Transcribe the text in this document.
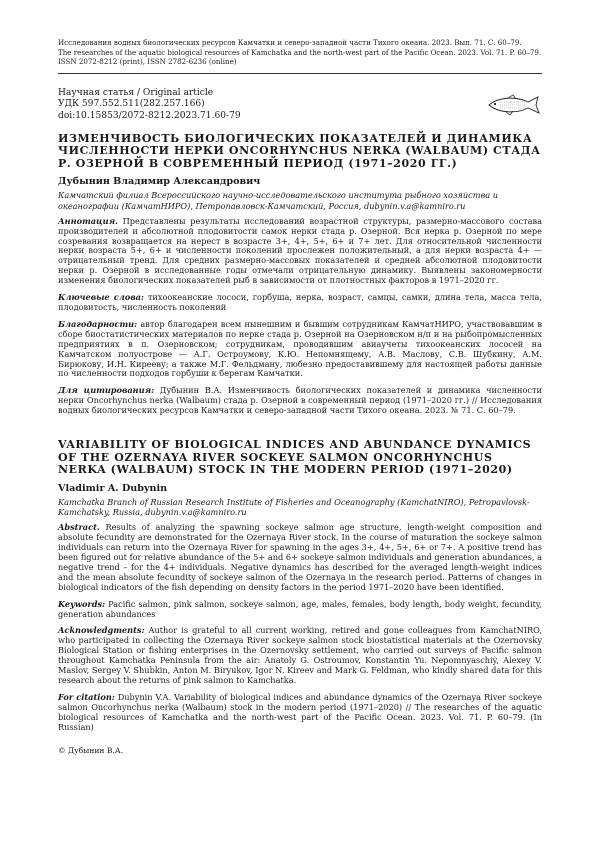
Исследования водных биологических ресурсов Камчатки и северо-западной части Тихого океана. 2023. Вып. 71. С. 60–79.
The researches of the aquatic biological resources of Kamchatka and the north-west part of the Pacific Ocean. 2023. Vol. 71. P. 60–79.
ISSN 2072-8212 (print), ISSN 2782-6236 (online)
Научная статья / Original article
УДК 597.552.511(282.257.166)
doi:10.15853/2072-8212.2023.71.60-79
ИЗМЕНЧИВОСТЬ БИОЛОГИЧЕСКИХ ПОКАЗАТЕЛЕЙ И ДИНАМИКА ЧИСЛЕННОСТИ НЕРКИ ONCORHYNCHUS NERKA (WALBAUM) СТАДА Р. ОЗЕРНОЙ В СОВРЕМЕННЫЙ ПЕРИОД (1971–2020 ГГ.)
Дубынин Владимир Александрович
Камчатский филиал Всероссийского научно-исследовательского института рыбного хозяйства и океанографии (КамчатНИРО), Петропавловск-Камчатский, Россия, dubynin.v.a@kamniro.ru

Аннотация. Представлены результаты исследований возрастной структуры, размерно-массового состава производителей и абсолютной плодовитости самок нерки стада р. Озерной. Вся нерка р. Озерной по мере созревания возвращается на нерест в возрасте 3+, 4+, 5+, 6+ и 7+ лет. Для относительной численности нерки возраста 5+, 6+ и численности поколений прослежен положительный, а для нерки возраста 4+ — отрицательный тренд. Для средних размерно-массовых показателей и средней абсолютной плодовитости нерки р. Озерной в исследованные годы отмечали отрицательную динамику. Выявлены закономерности изменения биологических показателей рыб в зависимости от плотностных факторов в 1971–2020 гг.

Ключевые слова: тихоокеанские лососи, горбуша, нерка, возраст, самцы, самки, длина тела, масса тела, плодовитость, численность поколений

Благодарности: автор благодарен всем нынешним и бывшим сотрудникам КамчатНИРО, участвовавшим в сборе биостатистических материалов по нерке стада р. Озерной на Озерновском н/п и на рыбопромысленных предприятиях в п. Озерновском; сотрудникам, проводившим авиаучеты тихоокеанских лососей на Камчатском полуострове — А.Г. Остроумову, К.Ю. Непомнящему, А.В. Маслову, С.В. Шубкину, А.М. Бирюкову, И.Н. Кирееву; а также М.Г. Фельдману, любезно предоставившему для настоящей работы данные по численности подходов горбуши к берегам Камчатки.

Для цитирования: Дубынин В.А. Изменчивость биологических показателей и динамика численности нерки Oncorhynchus nerka (Walbaum) стада р. Озерной в современный период (1971–2020 гг.) // Исследования водных биологических ресурсов Камчатки и северо-западной части Тихого океана. 2023. № 71. С. 60–79.

VARIABILITY OF BIOLOGICAL INDICES AND ABUNDANCE DYNAMICS OF THE OZERNAYA RIVER SOCKEYE SALMON ONCORHYNCHUS NERKA (WALBAUM) STOCK IN THE MODERN PERIOD (1971–2020)
Vladimir A. Dubynin
Kamchatka Branch of Russian Research Institute of Fisheries and Oceanography (KamchatNIRO), Petropavlovsk-Kamchatsky, Russia, dubynin.v.a@kamniro.ru

Abstract. Results of analyzing the spawning sockeye salmon age structure, length-weight composition and absolute fecundity are demonstrated for the Ozernaya River stock. In the course of maturation the sockeye salmon individuals can return into the Ozernaya River for spawning in the ages 3+, 4+, 5+, 6+ or 7+. A positive trend has been figured out for relative abundance of the 5+ and 6+ sockeye salmon individuals and generation abundances, a negative trend – for the 4+ individuals. Negative dynamics has described for the averaged length-weight indices and the mean absolute fecundity of sockeye salmon of the Ozernaya in the research period. Patterns of changes in biological indicators of the fish depending on density factors in the period 1971–2020 have been identified.

Keywords: Pacific salmon, pink salmon, sockeye salmon, age, males, females, body length, body weight, fecundity, generation abundances

Acknowledgments: Author is grateful to all current working, retired and gone colleagues from KamchatNIRO, who participated in collecting the Ozernaya River sockeye salmon stock biostatistical materials at the Ozernovsky Biological Station or fishing enterprises in the Ozernovsky settlement, who carried out surveys of Pacific salmon throughout Kamchatka Peninsula from the air: Anatoly G. Ostroumov, Konstantin Yu. Nepomnyaschiy, Alexey V. Maslov, Sergey V. Shubkin, Anton M. Biryukov, Igor N. Kireev and Mark G. Feldman, who kindly shared data for this research about the returns of pink salmon to Kamchatka.

For citation: Dubynin V.A. Variability of biological indices and abundance dynamics of the Ozernaya River sockeye salmon Oncorhynchus nerka (Walbaum) stock in the modern period (1971–2020) // The researches of the aquatic biological resources of Kamchatka and the north-west part of the Pacific Ocean. 2023. Vol. 71. P. 60–79. (In Russian)

© Дубынин В.А.
